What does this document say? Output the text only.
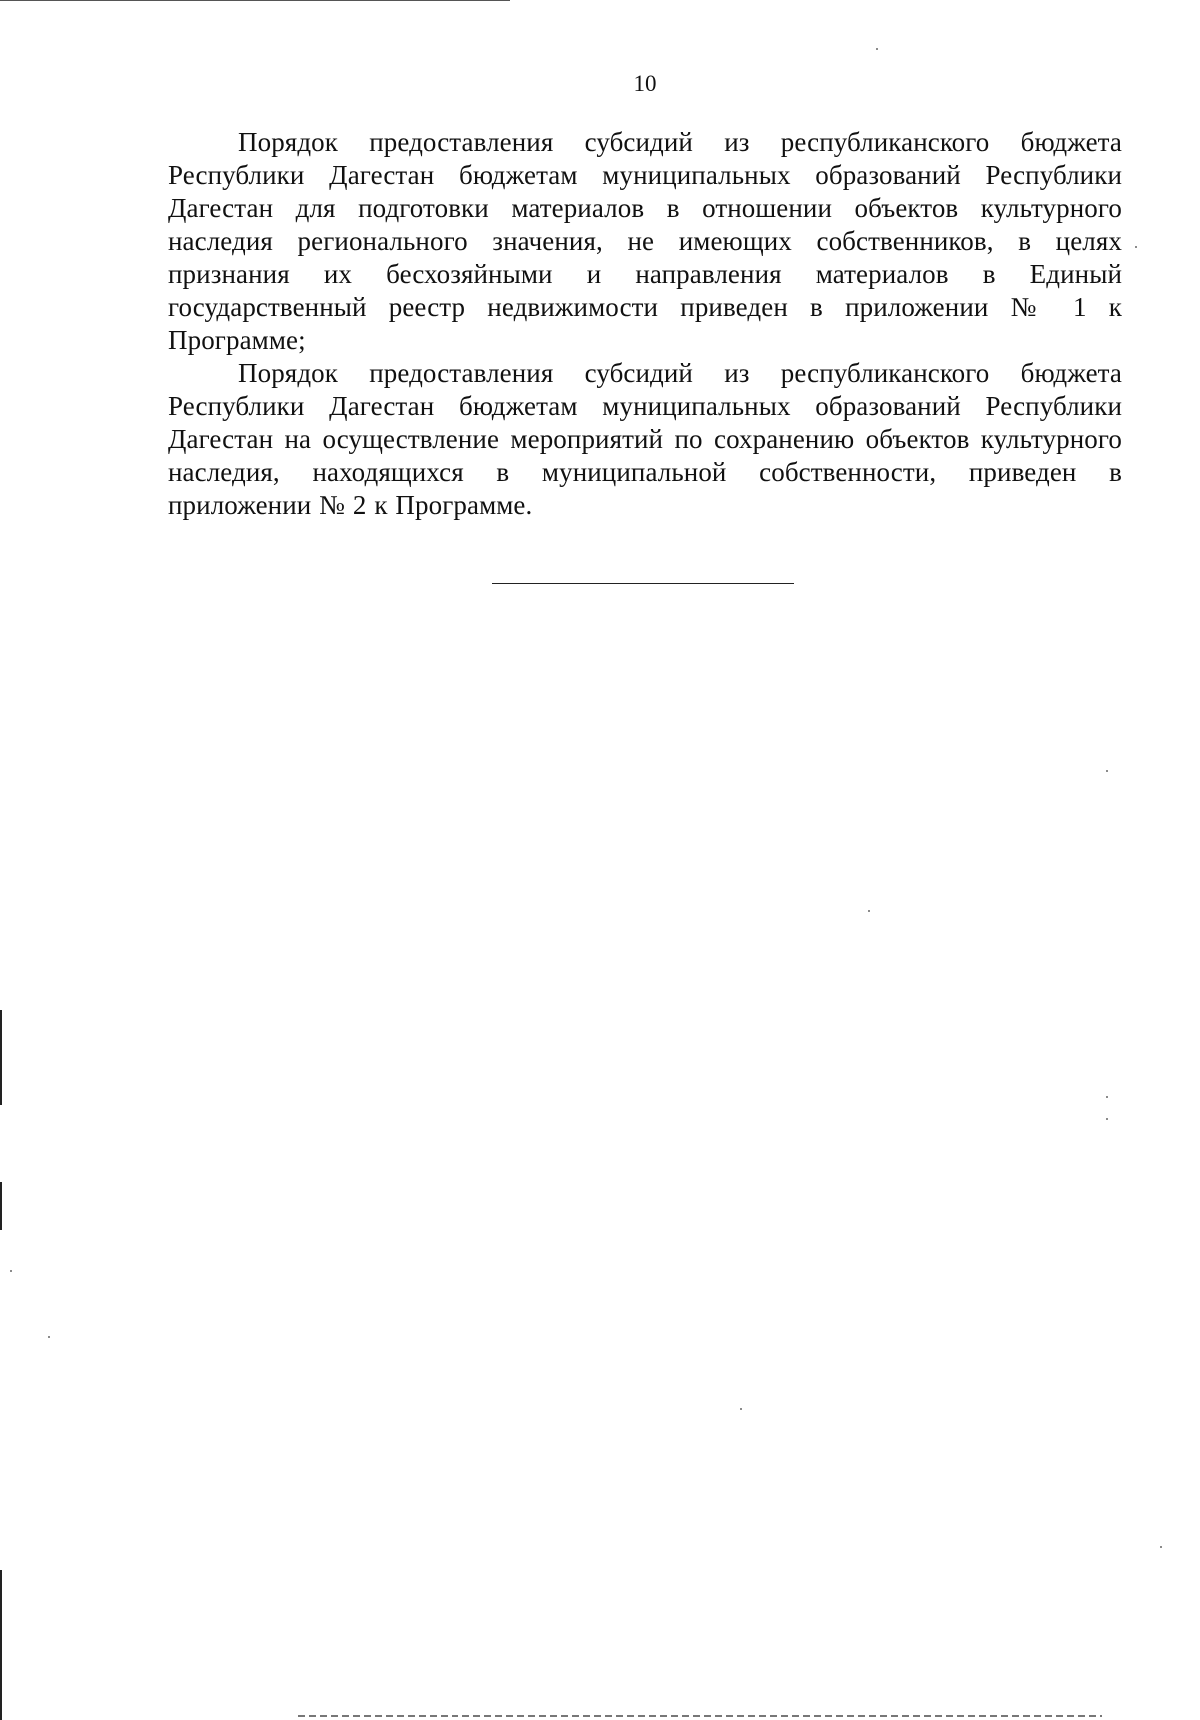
10

Порядок предоставления субсидий из республиканского бюджета Республики Дагестан бюджетам муниципальных образований Республики Дагестан для подготовки материалов в отношении объектов культурного наследия регионального значения, не имеющих собственников, в целях признания их бесхозяйными и направления материалов в Единый государственный реестр недвижимости приведен в приложении № 1 к Программе;

Порядок предоставления субсидий из республиканского бюджета Республики Дагестан бюджетам муниципальных образований Республики Дагестан на осуществление мероприятий по сохранению объектов культурного наследия, находящихся в муниципальной собственности, приведен в приложении № 2 к Программе.
